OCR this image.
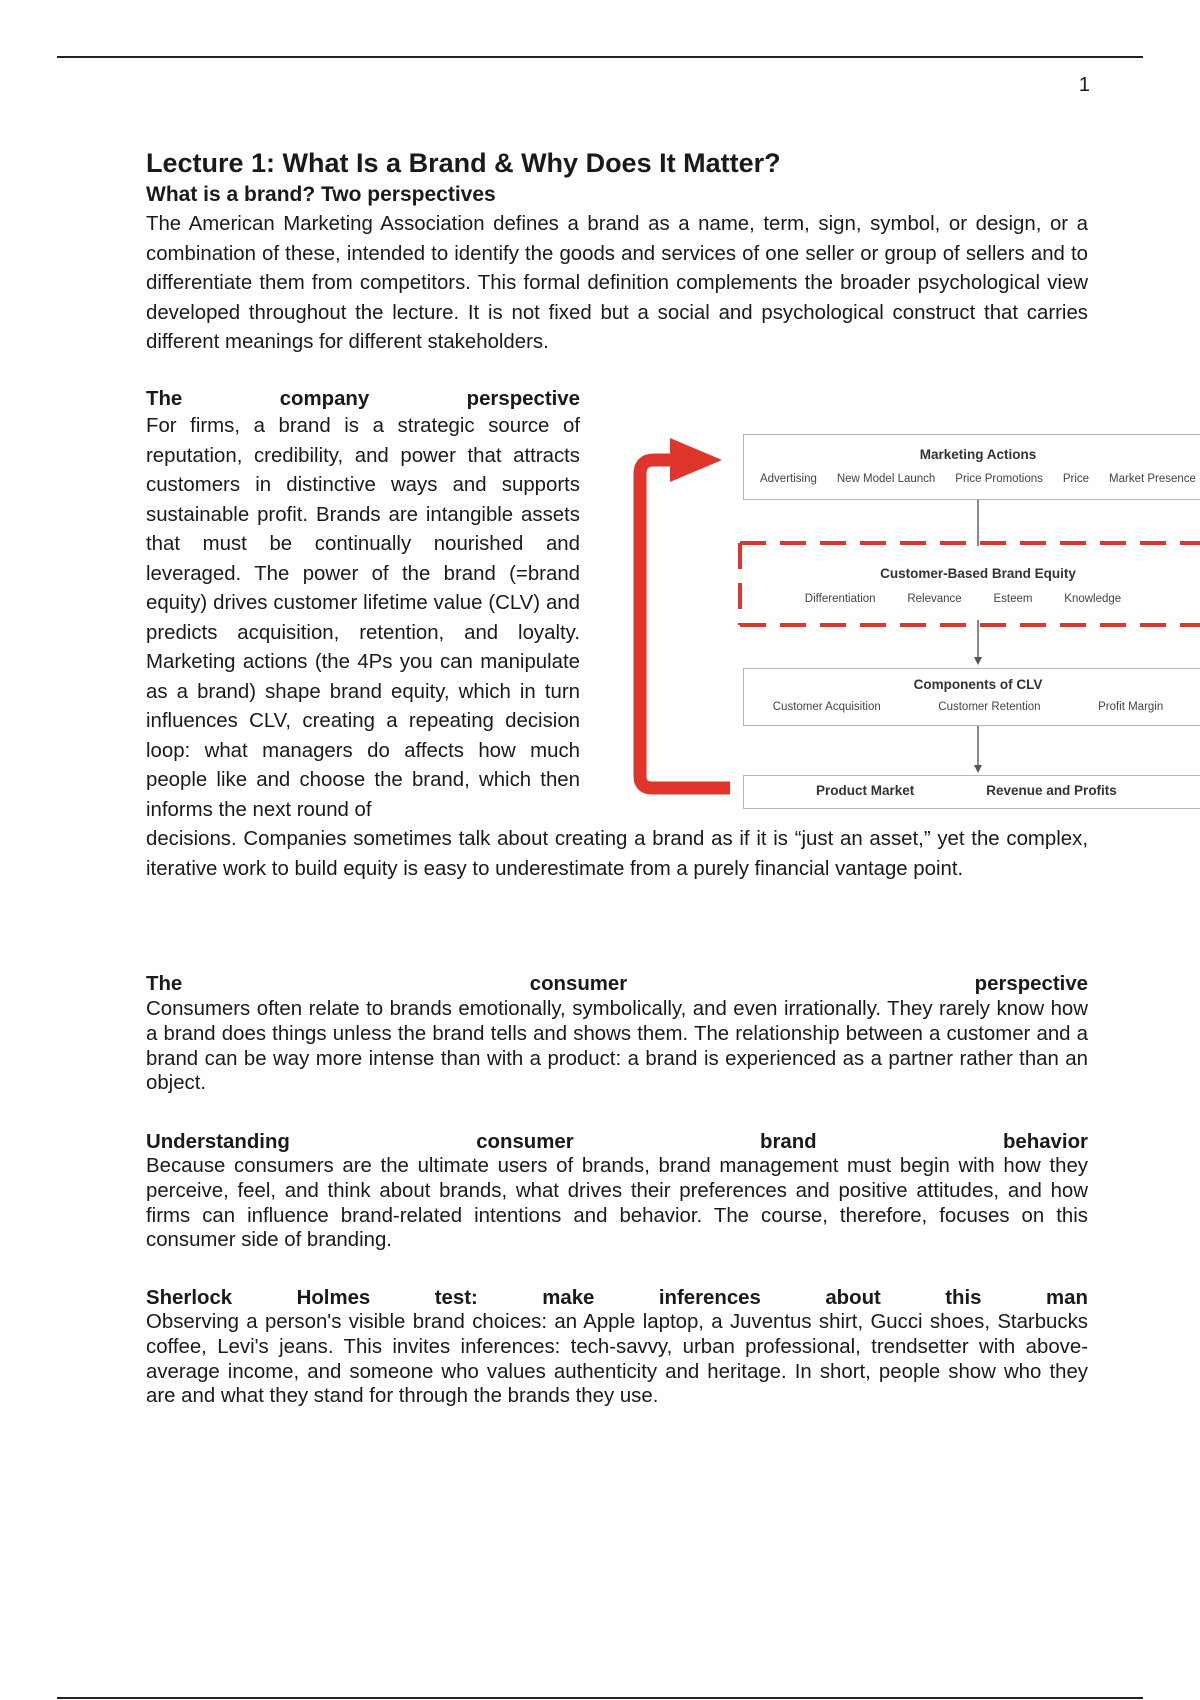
1
Lecture 1: What Is a Brand & Why Does It Matter?
What is a brand? Two perspectives

The American Marketing Association defines a brand as a name, term, sign, symbol, or design, or a combination of these, intended to identify the goods and services of one seller or group of sellers and to differentiate them from competitors. This formal definition complements the broader psychological view developed throughout the lecture. It is not fixed but a social and psychological construct that carries different meanings for different stakeholders.

The	company	perspective

For firms, a brand is a strategic source of reputation, credibility, and power that attracts customers in distinctive ways and supports sustainable profit. Brands are intangible assets that must be continually nourished and leveraged. The power of the brand (=brand equity) drives customer lifetime value (CLV) and predicts acquisition, retention, and loyalty. Marketing actions (the 4Ps you can manipulate as a brand) shape brand equity, which in turn influences CLV, creating a repeating decision loop: what managers do affects how much people like and choose the brand, which then informs the next round of

decisions. Companies sometimes talk about creating a brand as if it is “just an asset,” yet the complex, iterative work to build equity is easy to underestimate from a purely financial vantage point.

Marketing Actions
Advertising New Model Launch Price Promotions Price Market Presence
Customer-Based Brand Equity
Differentiation	Relevance	Esteem	Knowledge
Components of CLV
Customer Acquisition	Customer Retention	Profit Margin
Product Market	Revenue and Profits
The	consumer	perspective

Consumers often relate to brands emotionally, symbolically, and even irrationally. They rarely know how a brand does things unless the brand tells and shows them. The relationship between a customer and a brand can be way more intense than with a product: a brand is experienced as a partner rather than an object.

Understanding	consumer	brand	behavior

Because consumers are the ultimate users of brands, brand management must begin with how they perceive, feel, and think about brands, what drives their preferences and positive attitudes, and how firms can influence brand-related intentions and behavior. The course, therefore, focuses on this consumer side of branding.

Sherlock	Holmes	test:	make	inferences	about	this	man

Observing a person's visible brand choices: an Apple laptop, a Juventus shirt, Gucci shoes, Starbucks coffee, Levi's jeans. This invites inferences: tech-savvy, urban professional, trendsetter with above-average income, and someone who values authenticity and heritage. In short, people show who they are and what they stand for through the brands they use.
